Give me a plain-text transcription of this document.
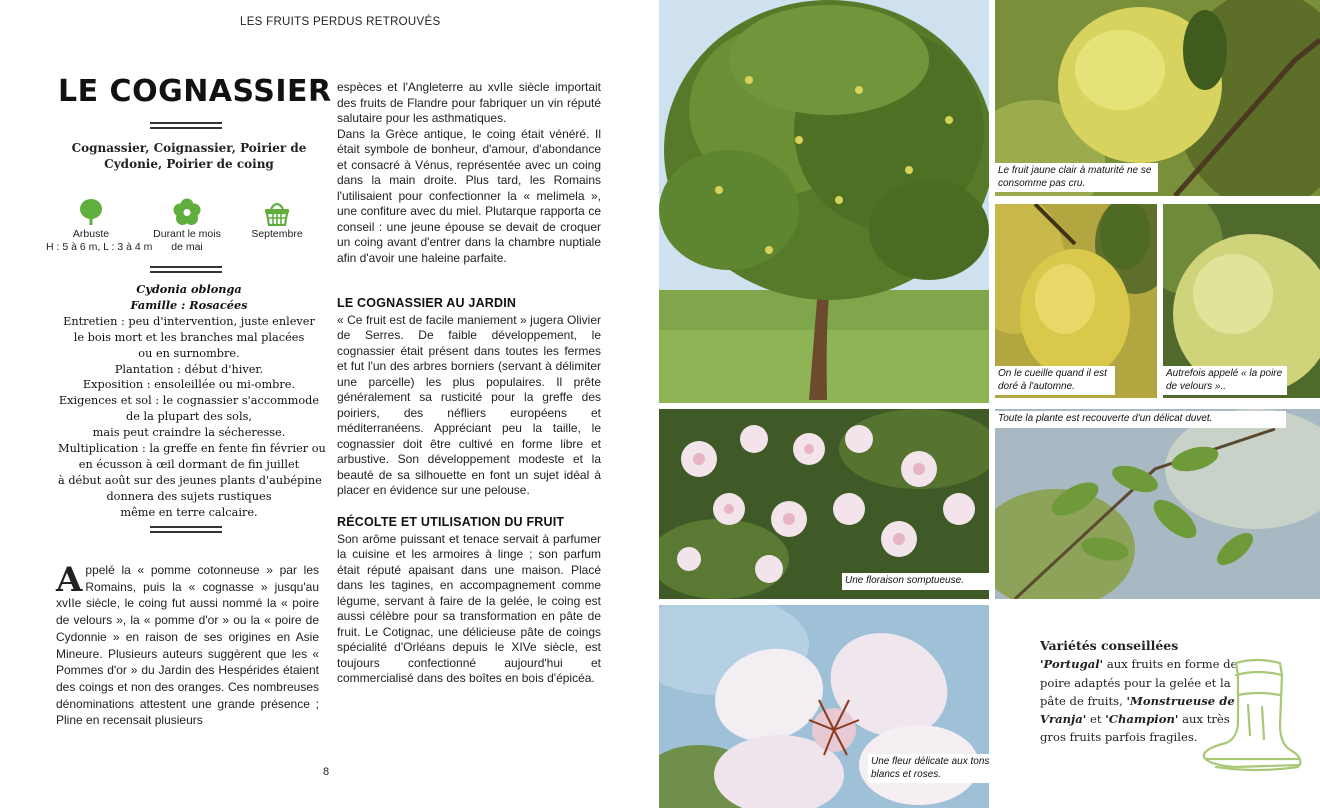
LES FRUITS PERDUS RETROUVÉS
LE COGNASSIER
Cognassier, Coignassier, Poirier de Cydonie, Poirier de coing
Arbuste
H : 5 à 6 m, L : 3 à 4 m
Durant le mois
de mai
Septembre
Cydonia oblonga
Famille : Rosacées
Entretien : peu d'intervention, juste enlever
le bois mort et les branches mal placées
ou en surnombre.
Plantation : début d'hiver.
Exposition : ensoleillée ou mi-ombre.
Exigences et sol : le cognassier s'accommode
de la plupart des sols,
mais peut craindre la sécheresse.
Multiplication : la greffe en fente fin février ou
en écusson à œil dormant de fin juillet
à début août sur des jeunes plants d'aubépine
donnera des sujets rustiques
même en terre calcaire.
Appelé la « pomme cotonneuse » par les Romains, puis la « cognasse » jusqu'au xvIIe siècle, le coing fut aussi nommé la « poire de velours », la « pomme d'or » ou la « poire de Cydonnie » en raison de ses origines en Asie Mineure. Plusieurs auteurs suggèrent que les « Pommes d'or » du Jardin des Hespérides étaient des coings et non des oranges. Ces nombreuses dénominations attestent une grande présence ; Pline en recensait plusieurs

espèces et l'Angleterre au xvIIe siècle importait des fruits de Flandre pour fabriquer un vin réputé salutaire pour les asthmatiques.

Dans la Grèce antique, le coing était vénéré. Il était symbole de bonheur, d'amour, d'abondance et consacré à Vénus, représentée avec un coing dans la main droite. Plus tard, les Romains l'utilisaient pour confectionner la « melimela », une confiture avec du miel. Plutarque rapporta ce conseil : une jeune épouse se devait de croquer un coing avant d'entrer dans la chambre nuptiale afin d'avoir une haleine parfaite.

LE COGNASSIER AU JARDIN

« Ce fruit est de facile maniement » jugera Olivier de Serres. De faible développement, le cognassier était présent dans toutes les fermes et fut l'un des arbres borniers (servant à délimiter une parcelle) les plus populaires. Il prête généralement sa rusticité pour la greffe des poiriers, des néfliers européens et méditerranéens. Appréciant peu la taille, le cognassier doit être cultivé en forme libre et arbustive. Son développement modeste et la beauté de sa silhouette en font un sujet idéal à placer en évidence sur une pelouse.

RÉCOLTE ET UTILISATION DU FRUIT

Son arôme puissant et tenace servait à parfumer la cuisine et les armoires à linge ; son parfum était réputé apaisant dans une maison. Placé dans les tagines, en accompagnement comme légume, servant à faire de la gelée, le coing est aussi célèbre pour sa transformation en pâte de fruit. Le Cotignac, une délicieuse pâte de coings spécialité d'Orléans depuis le XIVe siècle, est toujours confectionné aujourd'hui et commercialisé dans des boîtes en bois d'épicéa.

8
Le fruit jaune clair à maturité ne se consomme pas cru.
On le cueille quand il est doré à l'automne.
Autrefois appelé « la poire de velours »..
Une floraison somptueuse.
Toute la plante est recouverte d'un délicat duvet.
Une fleur délicate aux tons blancs et roses.
Variétés conseillées
'Portugal' aux fruits en forme de poire adaptés pour la gelée et la pâte de fruits, 'Monstrueuse de Vranja' et 'Champion' aux très gros fruits parfois fragiles.
